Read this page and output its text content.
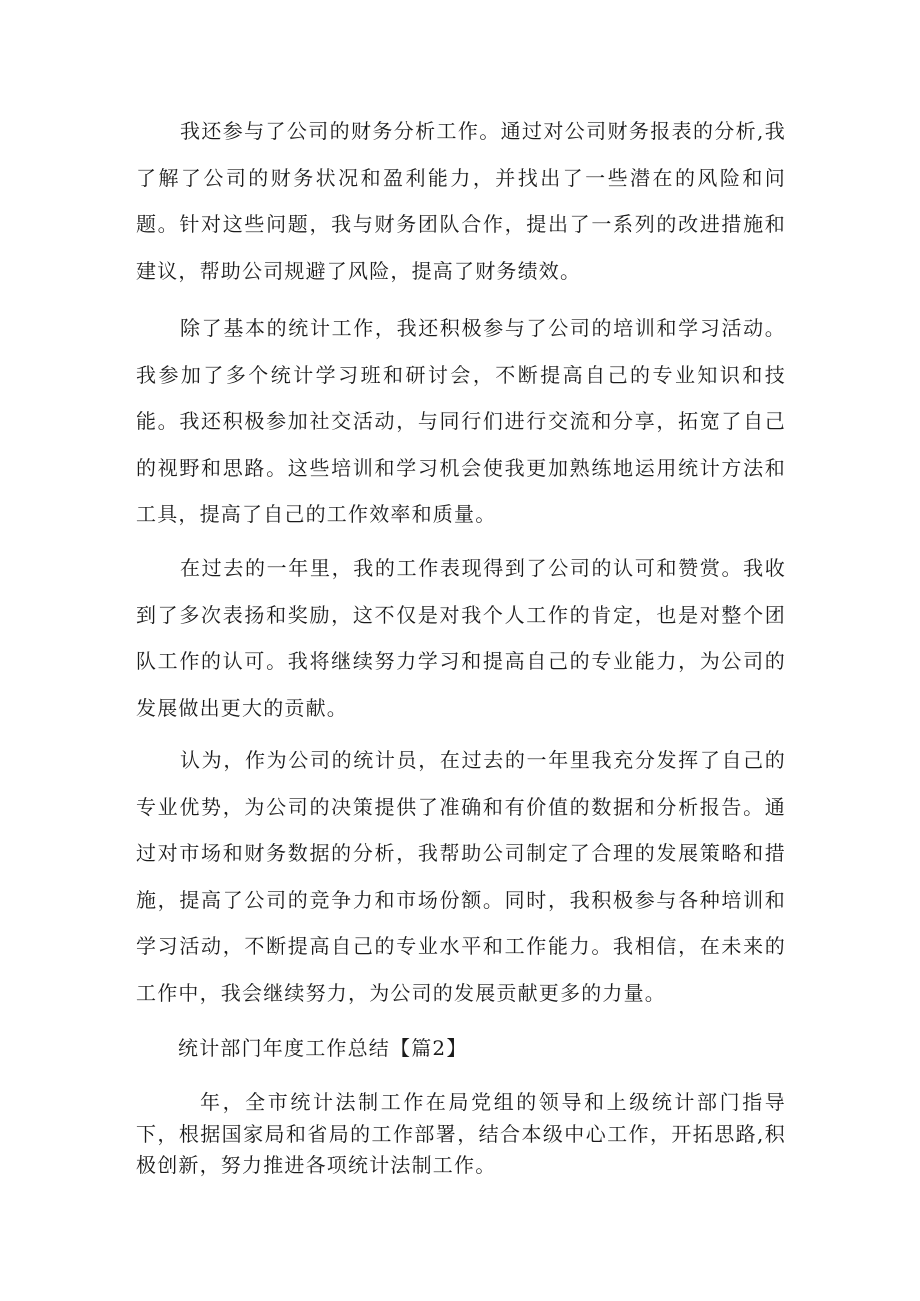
我还参与了公司的财务分析工作。通过对公司财务报表的分析,我了解了公司的财务状况和盈利能力，并找出了一些潜在的风险和问题。针对这些问题，我与财务团队合作，提出了一系列的改进措施和建议，帮助公司规避了风险，提高了财务绩效。

除了基本的统计工作，我还积极参与了公司的培训和学习活动。我参加了多个统计学习班和研讨会，不断提高自己的专业知识和技能。我还积极参加社交活动，与同行们进行交流和分享，拓宽了自己的视野和思路。这些培训和学习机会使我更加熟练地运用统计方法和工具，提高了自己的工作效率和质量。

在过去的一年里，我的工作表现得到了公司的认可和赞赏。我收到了多次表扬和奖励，这不仅是对我个人工作的肯定，也是对整个团队工作的认可。我将继续努力学习和提高自己的专业能力，为公司的发展做出更大的贡献。

认为，作为公司的统计员，在过去的一年里我充分发挥了自己的专业优势，为公司的决策提供了准确和有价值的数据和分析报告。通过对市场和财务数据的分析，我帮助公司制定了合理的发展策略和措施，提高了公司的竞争力和市场份额。同时，我积极参与各种培训和学习活动，不断提高自己的专业水平和工作能力。我相信，在未来的工作中，我会继续努力，为公司的发展贡献更多的力量。

统计部门年度工作总结【篇2】

年，全市统计法制工作在局党组的领导和上级统计部门指导下，根据国家局和省局的工作部署，结合本级中心工作，开拓思路,积极创新，努力推进各项统计法制工作。
